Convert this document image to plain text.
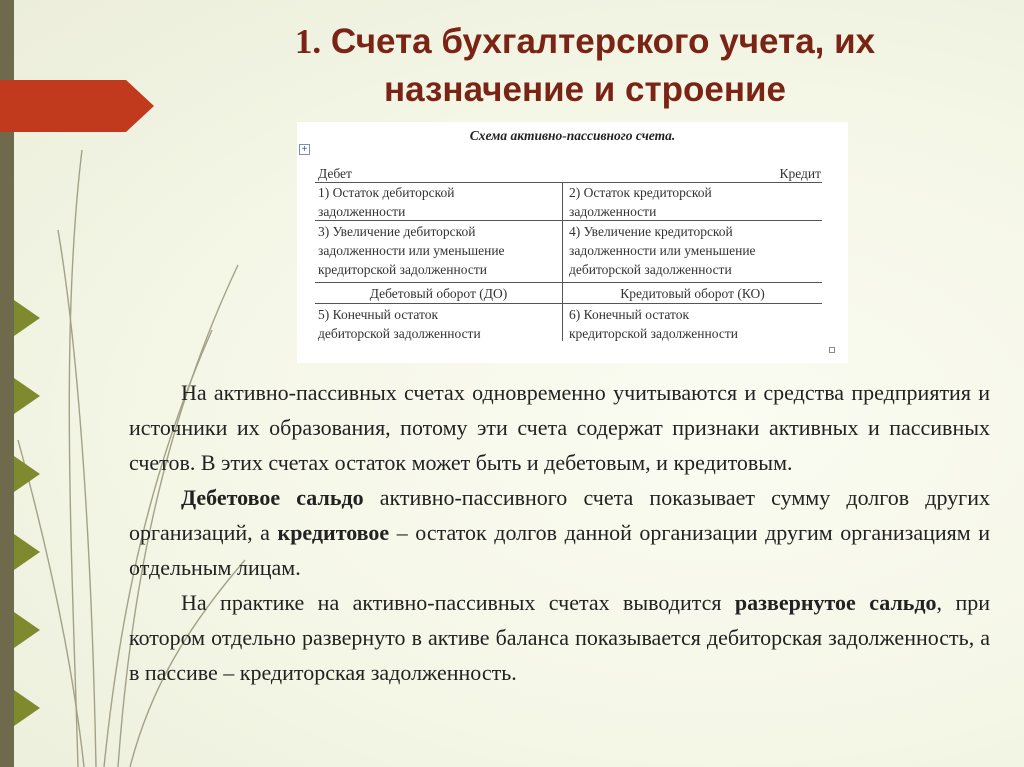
1. Счета бухгалтерского учета, их
назначение и строение
Схема активно-пассивного счета.
+
Дебет	Кредит
1) Остаток дебиторской
задолженности
2) Остаток кредиторской
задолженности
3) Увеличение дебиторской
задолженности или уменьшение
кредиторской задолженности
4) Увеличение кредиторской
задолженности или уменьшение
дебиторской задолженности
Дебетовый оборот (ДО)	Кредитовый оборот (КО)
5) Конечный остаток
дебиторской задолженности
6) Конечный остаток
кредиторской задолженности

На активно-пассивных счетах одновременно учитываются и средства предприятия и источники их образования, потому эти счета содержат признаки активных и пассивных счетов. В этих счетах остаток может быть и дебетовым, и кредитовым.

Дебетовое сальдо активно-пассивного счета показывает сумму долгов других организаций, а кредитовое – остаток долгов данной организации другим организациям и отдельным лицам.

На практике на активно-пассивных счетах выводится развернутое сальдо, при котором отдельно развернуто в активе баланса показывается дебиторская задолженность, а в пассиве – кредиторская задолженность.
